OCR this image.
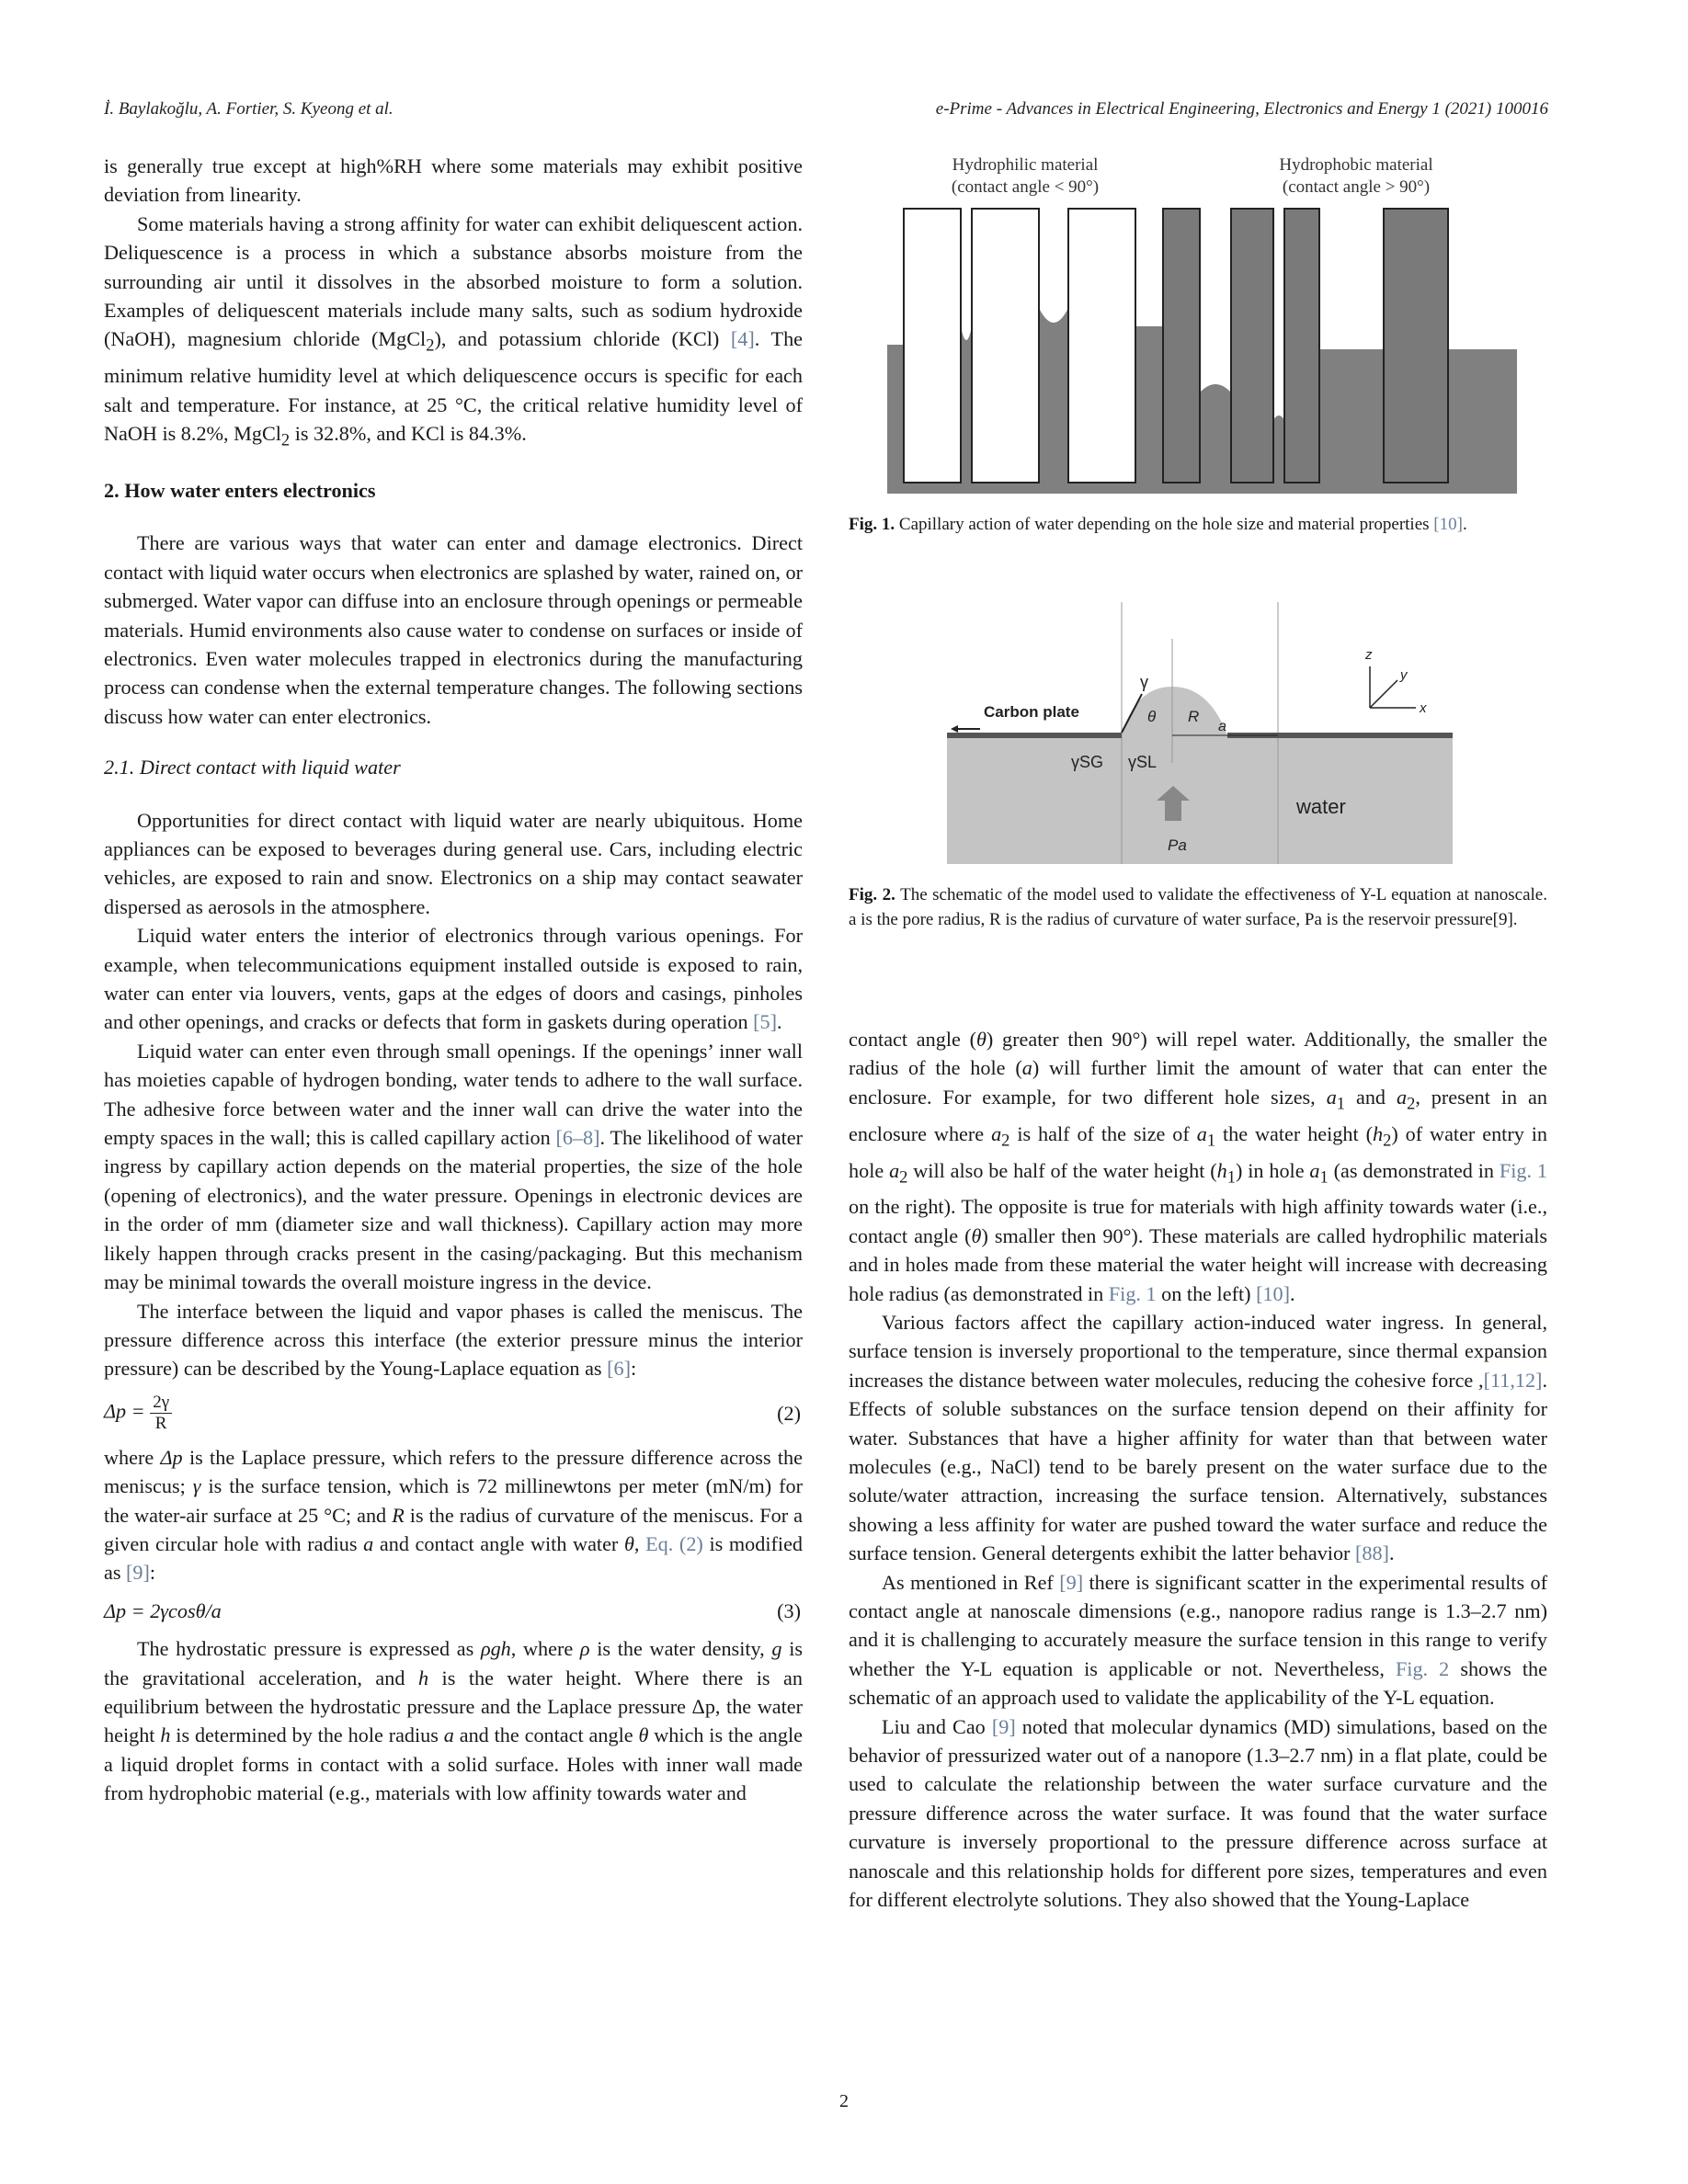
İ. Baylakoğlu, A. Fortier, S. Kyeong et al.	e-Prime - Advances in Electrical Engineering, Electronics and Energy 1 (2021) 100016

is generally true except at high%RH where some materials may exhibit positive deviation from linearity.

Some materials having a strong affinity for water can exhibit deliquescent action. Deliquescence is a process in which a substance absorbs moisture from the surrounding air until it dissolves in the absorbed moisture to form a solution. Examples of deliquescent materials include many salts, such as sodium hydroxide (NaOH), magnesium chloride (MgCl$_2$), and potassium chloride (KCl) [4]. The minimum relative humidity level at which deliquescence occurs is specific for each salt and temperature. For instance, at 25 °C, the critical relative humidity level of NaOH is 8.2%, MgCl$_2$ is 32.8%, and KCl is 84.3%.

2. How water enters electronics

There are various ways that water can enter and damage electronics. Direct contact with liquid water occurs when electronics are splashed by water, rained on, or submerged. Water vapor can diffuse into an enclosure through openings or permeable materials. Humid environments also cause water to condense on surfaces or inside of electronics. Even water molecules trapped in electronics during the manufacturing process can condense when the external temperature changes. The following sections discuss how water can enter electronics.

2.1. Direct contact with liquid water

Opportunities for direct contact with liquid water are nearly ubiquitous. Home appliances can be exposed to beverages during general use. Cars, including electric vehicles, are exposed to rain and snow. Electronics on a ship may contact seawater dispersed as aerosols in the atmosphere.

Liquid water enters the interior of electronics through various openings. For example, when telecommunications equipment installed outside is exposed to rain, water can enter via louvers, vents, gaps at the edges of doors and casings, pinholes and other openings, and cracks or defects that form in gaskets during operation [5].

Liquid water can enter even through small openings. If the openings’ inner wall has moieties capable of hydrogen bonding, water tends to adhere to the wall surface. The adhesive force between water and the inner wall can drive the water into the empty spaces in the wall; this is called capillary action [6–8]. The likelihood of water ingress by capillary action depends on the material properties, the size of the hole (opening of electronics), and the water pressure. Openings in electronic devices are in the order of mm (diameter size and wall thickness). Capillary action may more likely happen through cracks present in the casing/packaging. But this mechanism may be minimal towards the overall moisture ingress in the device.

The interface between the liquid and vapor phases is called the meniscus. The pressure difference across this interface (the exterior pressure minus the interior pressure) can be described by the Young-Laplace equation as [6]:

$\Delta p = \frac{2\gamma}{R}$	(2)

where Δp is the Laplace pressure, which refers to the pressure difference across the meniscus; γ is the surface tension, which is 72 millinewtons per meter (mN/m) for the water-air surface at 25 °C; and R is the radius of curvature of the meniscus. For a given circular hole with radius a and contact angle with water θ, Eq. (2) is modified as [9]:

Δp = 2γcosθ/a	(3)

The hydrostatic pressure is expressed as ρgh, where ρ is the water density, g is the gravitational acceleration, and h is the water height. Where there is an equilibrium between the hydrostatic pressure and the Laplace pressure Δp, the water height h is determined by the hole radius a and the contact angle θ which is the angle a liquid droplet forms in contact with a solid surface. Holes with inner wall made from hydrophobic material (e.g., materials with low affinity towards water and

Hydrophilic material
(contact angle < 90°)
Hydrophobic material
(contact angle > 90°)
Fig. 1. Capillary action of water depending on the hole size and material properties [10].
Carbon plate
γ
θ R
a
γSG γSL
Pa
water
z
y
x
Fig. 2. The schematic of the model used to validate the effectiveness of Y-L equation at nanoscale. a is the pore radius, R is the radius of curvature of water surface, Pa is the reservoir pressure[9].

contact angle (θ) greater then 90°) will repel water. Additionally, the smaller the radius of the hole (a) will further limit the amount of water that can enter the enclosure. For example, for two different hole sizes, $a_1$ and $a_2$, present in an enclosure where $a_2$ is half of the size of $a_1$ the water height $(h_2)$ of water entry in hole $a_2$ will also be half of the water height $(h_1)$ in hole $a_1$ (as demonstrated in Fig. 1 on the right). The opposite is true for materials with high affinity towards water (i.e., contact angle (θ) smaller then 90°). These materials are called hydrophilic materials and in holes made from these material the water height will increase with decreasing hole radius (as demonstrated in Fig. 1 on the left) [10].

Various factors affect the capillary action-induced water ingress. In general, surface tension is inversely proportional to the temperature, since thermal expansion increases the distance between water molecules, reducing the cohesive force ,[11,12]. Effects of soluble substances on the surface tension depend on their affinity for water. Substances that have a higher affinity for water than that between water molecules (e.g., NaCl) tend to be barely present on the water surface due to the solute/water attraction, increasing the surface tension. Alternatively, substances showing a less affinity for water are pushed toward the water surface and reduce the surface tension. General detergents exhibit the latter behavior [88].

As mentioned in Ref [9] there is significant scatter in the experimental results of contact angle at nanoscale dimensions (e.g., nanopore radius range is 1.3–2.7 nm) and it is challenging to accurately measure the surface tension in this range to verify whether the Y-L equation is applicable or not. Nevertheless, Fig. 2 shows the schematic of an approach used to validate the applicability of the Y-L equation.

Liu and Cao [9] noted that molecular dynamics (MD) simulations, based on the behavior of pressurized water out of a nanopore (1.3–2.7 nm) in a flat plate, could be used to calculate the relationship between the water surface curvature and the pressure difference across the water surface. It was found that the water surface curvature is inversely proportional to the pressure difference across surface at nanoscale and this relationship holds for different pore sizes, temperatures and even for different electrolyte solutions. They also showed that the Young-Laplace

2
